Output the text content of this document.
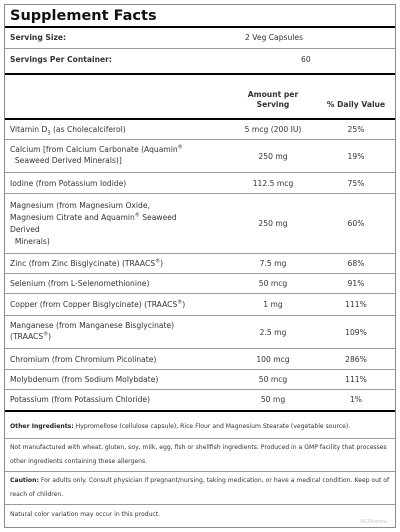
Supplement Facts
Serving Size:	2 Veg Capsules
Servings Per Container:	60
Amount per Serving	% Daily Value
Vitamin $D_3$ (as Cholecalciferol)	5 mcg (200 IU)	25%
Calcium [from Calcium Carbonate (Aquamin®
Seaweed Derived Minerals)]	250 mg	19%
Iodine (from Potassium Iodide)	112.5 mcg	75%
Magnesium (from Magnesium Oxide,
Magnesium Citrate and Aquamin® Seaweed
Derived
Minerals)
250 mg	60%
Zinc (from Zinc Bisglycinate) (TRAACS®)	7.5 mg	68%
Selenium (from L-Selenomethionine)	50 mcg	91%
Copper (from Copper Bisglycinate) (TRAACS®)	1 mg	111%
Manganese (from Manganese Bisglycinate)
(TRAACS®)	2.5 mg	109%
Chromium (from Chromium Picolinate)	100 mcg	286%
Molybdenum (from Sodium Molybdate)	50 mcg	111%
Potassium (from Potassium Chloride)	50 mg	1%
Other Ingredients: Hypromellose (cellulose capsule), Rice Flour and Magnesium Stearate (vegetable source).
Not manufactured with wheat, gluten, soy, milk, egg, fish or shellfish ingredients. Produced in a GMP facility that processes other ingredients containing these allergens.
Caution: For adults only. Consult physician if pregnant/nursing, taking medication, or have a medical condition. Keep out of reach of children.
Natural color variation may occur in this product.
BGPharma
